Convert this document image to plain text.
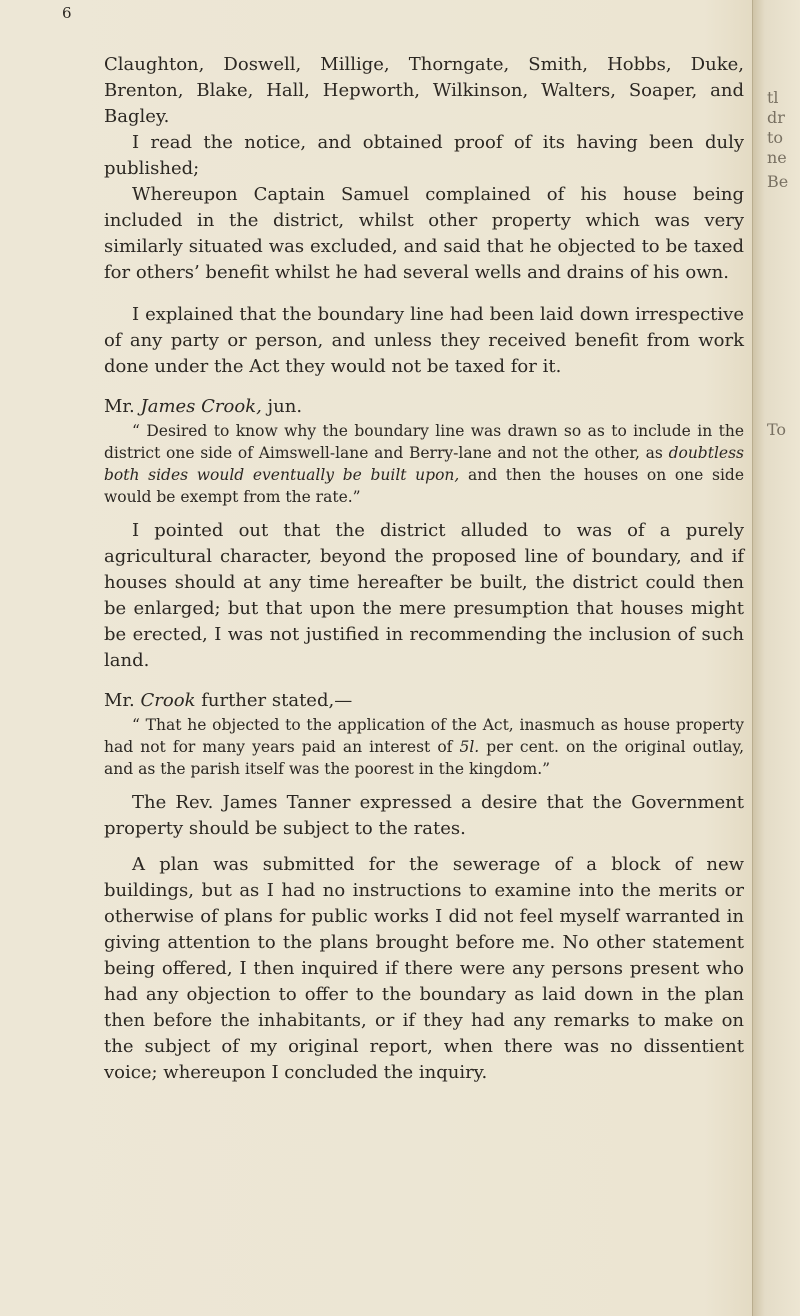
6

Claughton, Doswell, Millige, Thorngate, Smith, Hobbs, Duke, Brenton, Blake, Hall, Hepworth, Wilkinson, Walters, Soaper, and Bagley.

I read the notice, and obtained proof of its having been duly published;

Whereupon Captain Samuel complained of his house being included in the district, whilst other property which was very similarly situated was excluded, and said that he objected to be taxed for others’ benefit whilst he had several wells and drains of his own.

I explained that the boundary line had been laid down irrespective of any party or person, and unless they received benefit from work done under the Act they would not be taxed for it.

Mr. James Crook, jun.

“ Desired to know why the boundary line was drawn so as to include in the district one side of Aimswell-lane and Berry-lane and not the other, as doubtless both sides would eventually be built upon, and then the houses on one side would be exempt from the rate.”

I pointed out that the district alluded to was of a purely agricultural character, beyond the proposed line of boundary, and if houses should at any time hereafter be built, the district could then be enlarged; but that upon the mere presumption that houses might be erected, I was not justified in recommending the inclusion of such land.

Mr. Crook further stated,—

“ That he objected to the application of the Act, inasmuch as house property had not for many years paid an interest of 5l. per cent. on the original outlay, and as the parish itself was the poorest in the kingdom.”

The Rev. James Tanner expressed a desire that the Government property should be subject to the rates.

A plan was submitted for the sewerage of a block of new buildings, but as I had no instructions to examine into the merits or otherwise of plans for public works I did not feel myself warranted in giving attention to the plans brought before me. No other statement being offered, I then inquired if there were any persons present who had any objection to offer to the boundary as laid down in the plan then before the inhabitants, or if they had any remarks to make on the subject of my original report, when there was no dissentient voice; whereupon I concluded the inquiry.

tl
dr
to
ne
Be
To
